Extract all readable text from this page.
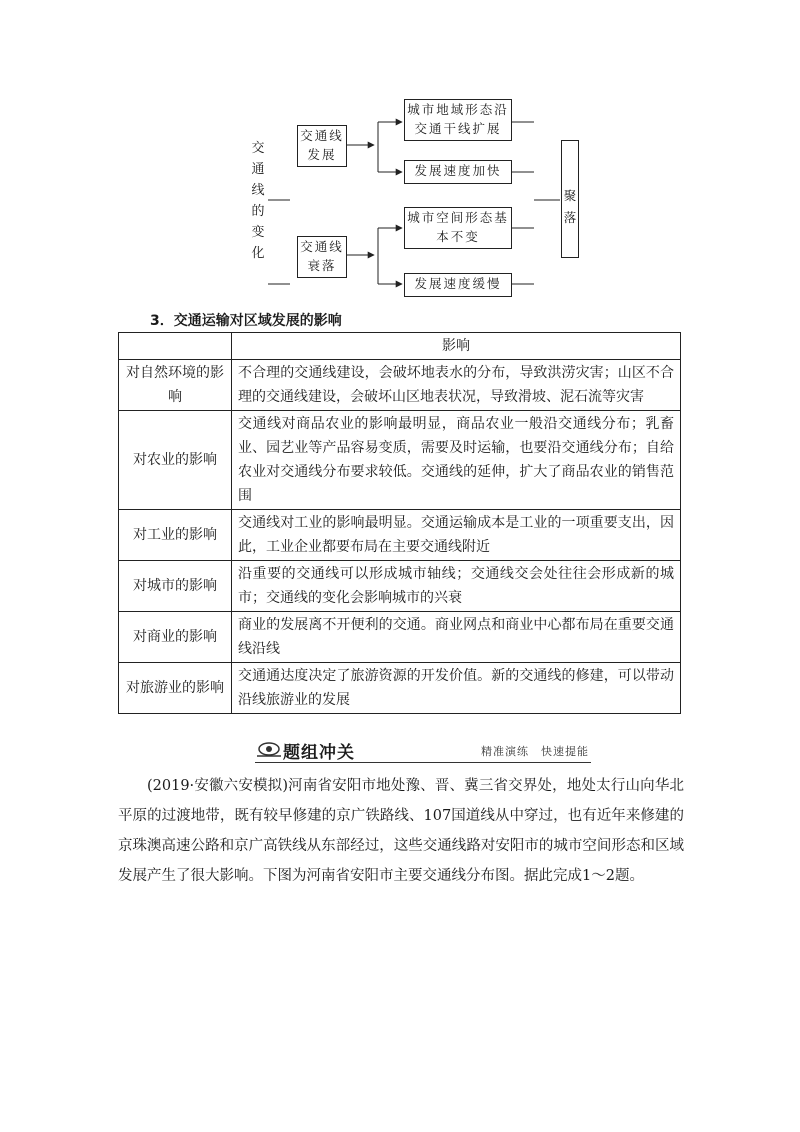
交
通
线
的
变
化
交通线发展
交通线衰落
城市地域形态沿交通干线扩展
发展速度加快
城市空间形态基本不变
发展速度缓慢
聚落
3．交通运输对区域发展的影响
	影响
对自然环境的影响	不合理的交通线建设，会破坏地表水的分布，导致洪涝灾害；山区不合理的交通线建设，会破坏山区地表状况，导致滑坡、泥石流等灾害
对农业的影响	交通线对商品农业的影响最明显，商品农业一般沿交通线分布；乳畜业、园艺业等产品容易变质，需要及时运输，也要沿交通线分布；自给农业对交通线分布要求较低。交通线的延伸，扩大了商品农业的销售范围
对工业的影响	交通线对工业的影响最明显。交通运输成本是工业的一项重要支出，因此，工业企业都要布局在主要交通线附近
对城市的影响	沿重要的交通线可以形成城市轴线；交通线交会处往往会形成新的城市；交通线的变化会影响城市的兴衰
对商业的影响	商业的发展离不开便利的交通。商业网点和商业中心都布局在重要交通线沿线
对旅游业的影响	交通通达度决定了旅游资源的开发价值。新的交通线的修建，可以带动沿线旅游业的发展
题组冲关	精准演练　快速提能
(2019·安徽六安模拟)河南省安阳市地处豫、晋、冀三省交界处，地处太行山向华北平原的过渡地带，既有较早修建的京广铁路线、107国道线从中穿过，也有近年来修建的京珠澳高速公路和京广高铁线从东部经过，这些交通线路对安阳市的城市空间形态和区域发展产生了很大影响。下图为河南省安阳市主要交通线分布图。据此完成1～2题。
